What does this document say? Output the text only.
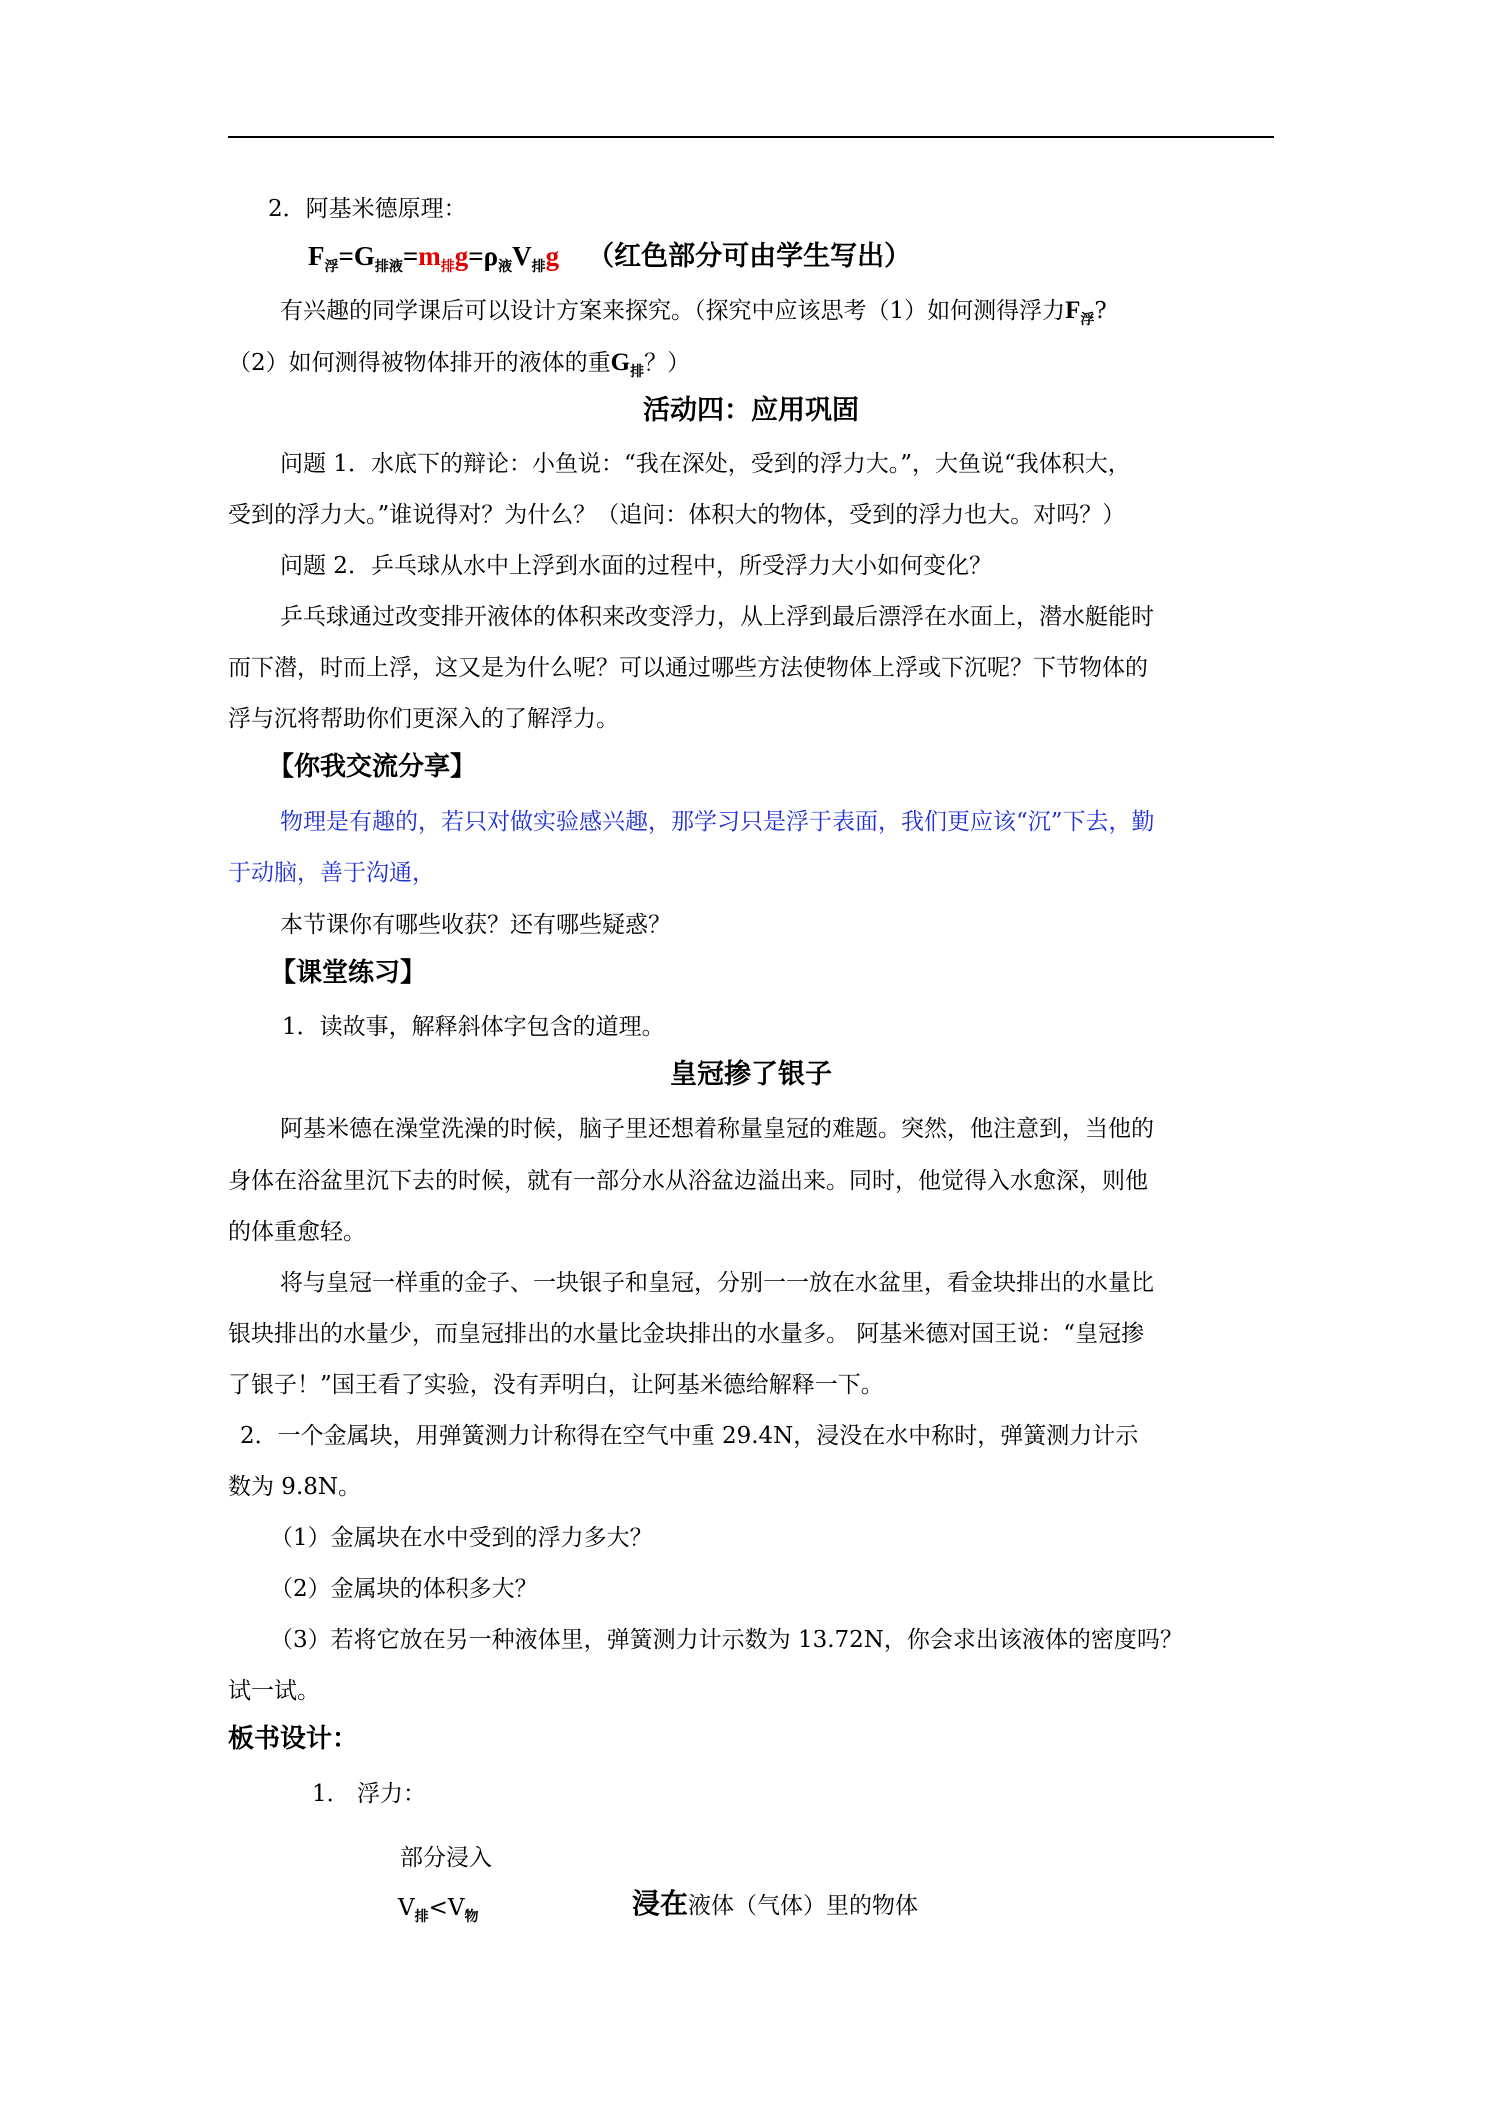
2．阿基米德原理：
$F_浮=G_{排液}=m_排g=\rho_液V_排g$ （红色部分可由学生写出）
有兴趣的同学课后可以设计方案来探究。（探究中应该思考（1）如何测得浮力$F_浮$?
（2）如何测得被物体排开的液体的重$G_排$？）
活动四：应用巩固
问题 1．水底下的辩论：小鱼说：“我在深处，受到的浮力大。”，大鱼说“我体积大，
受到的浮力大。”谁说得对？为什么？（追问：体积大的物体，受到的浮力也大。对吗？）
问题 2．乒乓球从水中上浮到水面的过程中，所受浮力大小如何变化？
乒乓球通过改变排开液体的体积来改变浮力，从上浮到最后漂浮在水面上，潜水艇能时
而下潜，时而上浮，这又是为什么呢？可以通过哪些方法使物体上浮或下沉呢？下节物体的
浮与沉将帮助你们更深入的了解浮力。
【你我交流分享】
物理是有趣的，若只对做实验感兴趣，那学习只是浮于表面，我们更应该“沉”下去，勤
于动脑，善于沟通，
本节课你有哪些收获？还有哪些疑惑？
【课堂练习】
1．读故事，解释斜体字包含的道理。
皇冠掺了银子
阿基米德在澡堂洗澡的时候，脑子里还想着称量皇冠的难题。突然，他注意到，当他的
身体在浴盆里沉下去的时候，就有一部分水从浴盆边溢出来。同时，他觉得入水愈深，则他
的体重愈轻。
将与皇冠一样重的金子、一块银子和皇冠，分别一一放在水盆里，看金块排出的水量比
银块排出的水量少，而皇冠排出的水量比金块排出的水量多。 阿基米德对国王说：“皇冠掺
了银子！”国王看了实验，没有弄明白，让阿基米德给解释一下。
2．一个金属块，用弹簧测力计称得在空气中重 29.4N，浸没在水中称时，弹簧测力计示
数为 9.8N。
（1）金属块在水中受到的浮力多大？
（2）金属块的体积多大？
（3）若将它放在另一种液体里，弹簧测力计示数为 13.72N，你会求出该液体的密度吗？
试一试。
板书设计：
1． 浮力：
部分浸入
$V_排<V_物$	浸在液体（气体）里的物体
